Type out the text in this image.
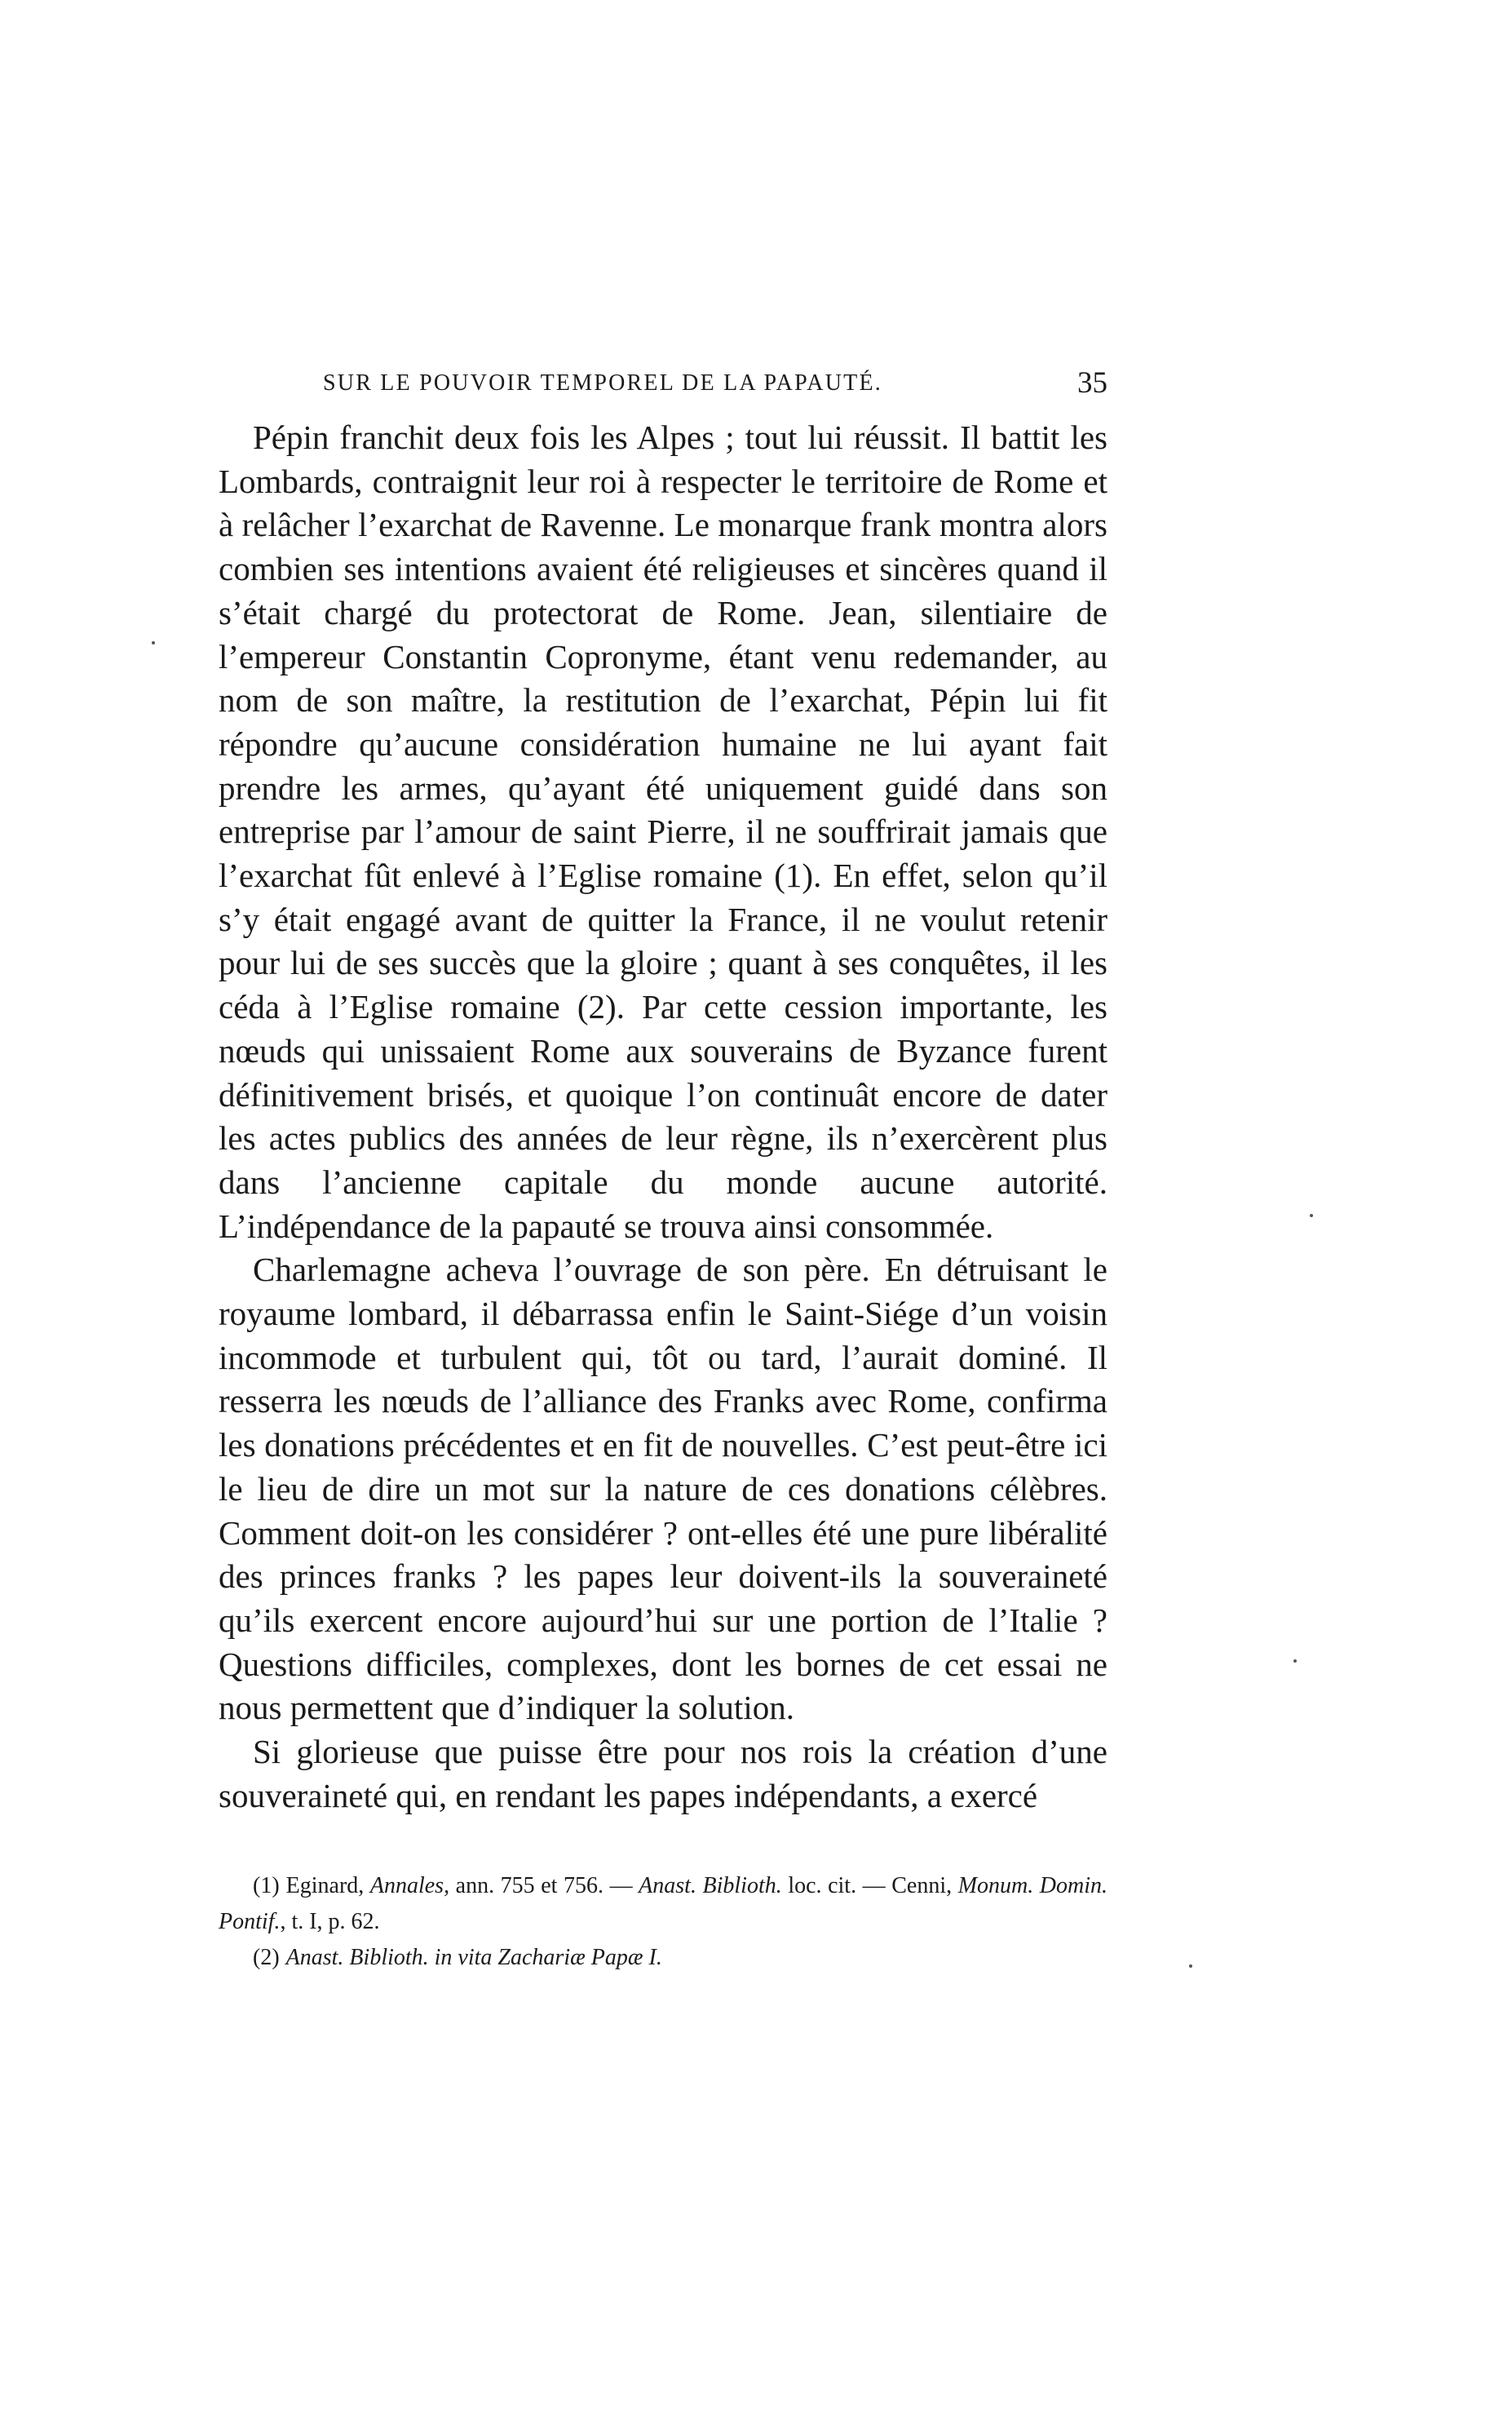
SUR LE POUVOIR TEMPOREL DE LA PAPAUTÉ.	35

Pépin franchit deux fois les Alpes ; tout lui réussit. Il battit les Lombards, contraignit leur roi à respecter le territoire de Rome et à relâcher l’exarchat de Ravenne. Le monarque frank montra alors combien ses intentions avaient été religieuses et sincères quand il s’était chargé du protectorat de Rome. Jean, silentiaire de l’empereur Constantin Copronyme, étant venu redemander, au nom de son maître, la restitution de l’exarchat, Pépin lui fit répondre qu’aucune considération humaine ne lui ayant fait prendre les armes, qu’ayant été uniquement guidé dans son entreprise par l’amour de saint Pierre, il ne souffrirait jamais que l’exarchat fût enlevé à l’Eglise romaine (1). En effet, selon qu’il s’y était engagé avant de quitter la France, il ne voulut retenir pour lui de ses succès que la gloire ; quant à ses conquêtes, il les céda à l’Eglise romaine (2). Par cette cession importante, les nœuds qui unissaient Rome aux souverains de Byzance furent définitivement brisés, et quoique l’on continuât encore de dater les actes publics des années de leur règne, ils n’exercèrent plus dans l’ancienne capitale du monde aucune autorité. L’indépendance de la papauté se trouva ainsi consommée.

Charlemagne acheva l’ouvrage de son père. En détruisant le royaume lombard, il débarrassa enfin le Saint-Siége d’un voisin incommode et turbulent qui, tôt ou tard, l’aurait dominé. Il resserra les nœuds de l’alliance des Franks avec Rome, confirma les donations précédentes et en fit de nouvelles. C’est peut-être ici le lieu de dire un mot sur la nature de ces donations célèbres. Comment doit-on les considérer ? ont-elles été une pure libéralité des princes franks ? les papes leur doivent-ils la souveraineté qu’ils exercent encore aujourd’hui sur une portion de l’Italie ? Questions difficiles, complexes, dont les bornes de cet essai ne nous permettent que d’indiquer la solution.

Si glorieuse que puisse être pour nos rois la création d’une souveraineté qui, en rendant les papes indépendants, a exercé

(1) Eginard, Annales, ann. 755 et 756. — Anast. Biblioth. loc. cit. — Cenni, Monum. Domin. Pontif., t. I, p. 62.

(2) Anast. Biblioth. in vita Zachariæ Papæ I.
